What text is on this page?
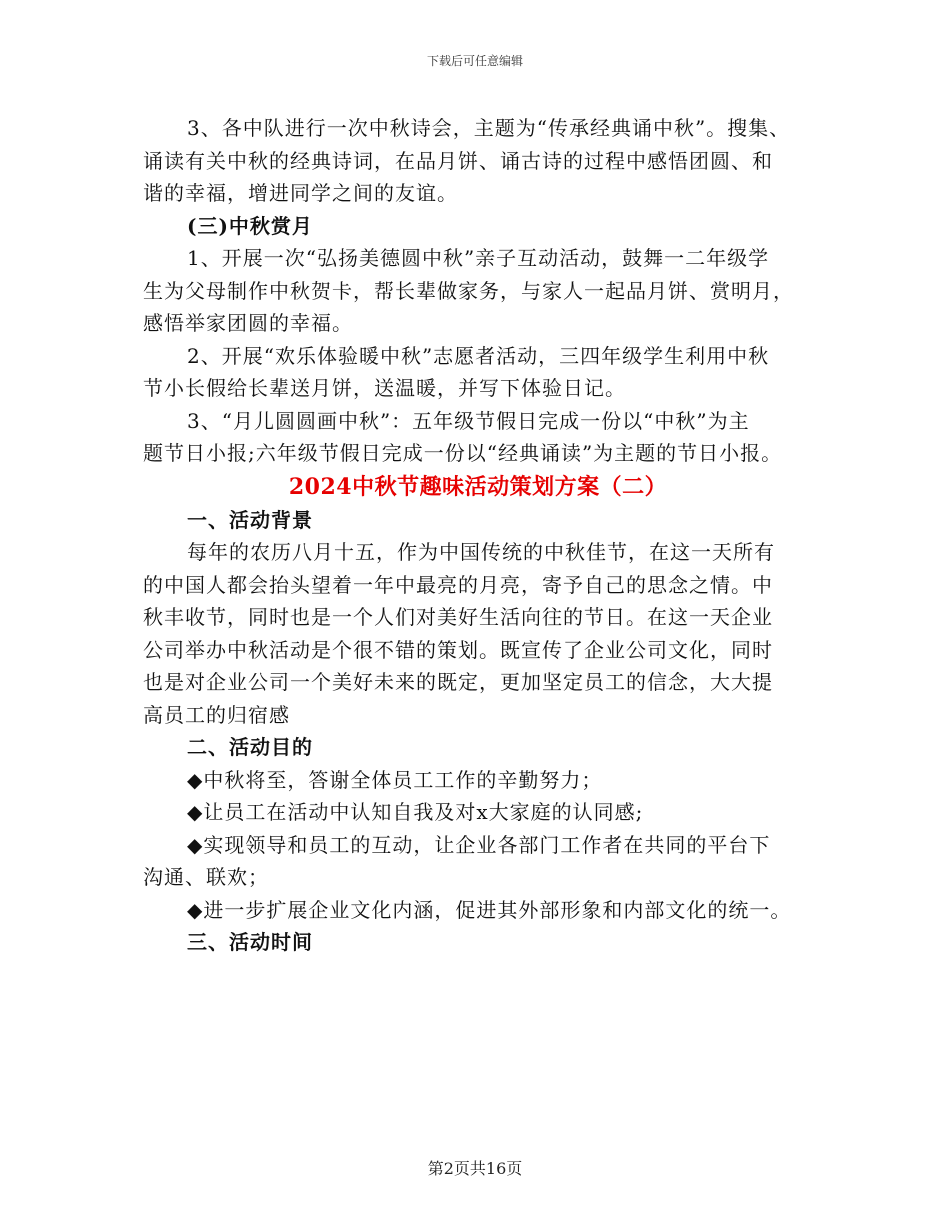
下载后可任意编辑
3、各中队进行一次中秋诗会，主题为“传承经典诵中秋”。搜集、
诵读有关中秋的经典诗词，在品月饼、诵古诗的过程中感悟团圆、和
谐的幸福，增进同学之间的友谊。
(三)中秋赏月
1、开展一次“弘扬美德圆中秋”亲子互动活动，鼓舞一二年级学
生为父母制作中秋贺卡，帮长辈做家务，与家人一起品月饼、赏明月，
感悟举家团圆的幸福。
2、开展“欢乐体验暖中秋”志愿者活动，三四年级学生利用中秋
节小长假给长辈送月饼，送温暖，并写下体验日记。
3、“月儿圆圆画中秋”：五年级节假日完成一份以“中秋”为主
题节日小报;六年级节假日完成一份以“经典诵读”为主题的节日小报。
2024中秋节趣味活动策划方案（二）
一、活动背景
每年的农历八月十五，作为中国传统的中秋佳节，在这一天所有
的中国人都会抬头望着一年中最亮的月亮，寄予自己的思念之情。中
秋丰收节，同时也是一个人们对美好生活向往的节日。在这一天企业
公司举办中秋活动是个很不错的策划。既宣传了企业公司文化，同时
也是对企业公司一个美好未来的既定，更加坚定员工的信念，大大提
高员工的归宿感
二、活动目的
◆中秋将至，答谢全体员工工作的辛勤努力；
◆让员工在活动中认知自我及对x大家庭的认同感;
◆实现领导和员工的互动，让企业各部门工作者在共同的平台下
沟通、联欢；
◆进一步扩展企业文化内涵，促进其外部形象和内部文化的统一。
三、活动时间
第2页共16页
